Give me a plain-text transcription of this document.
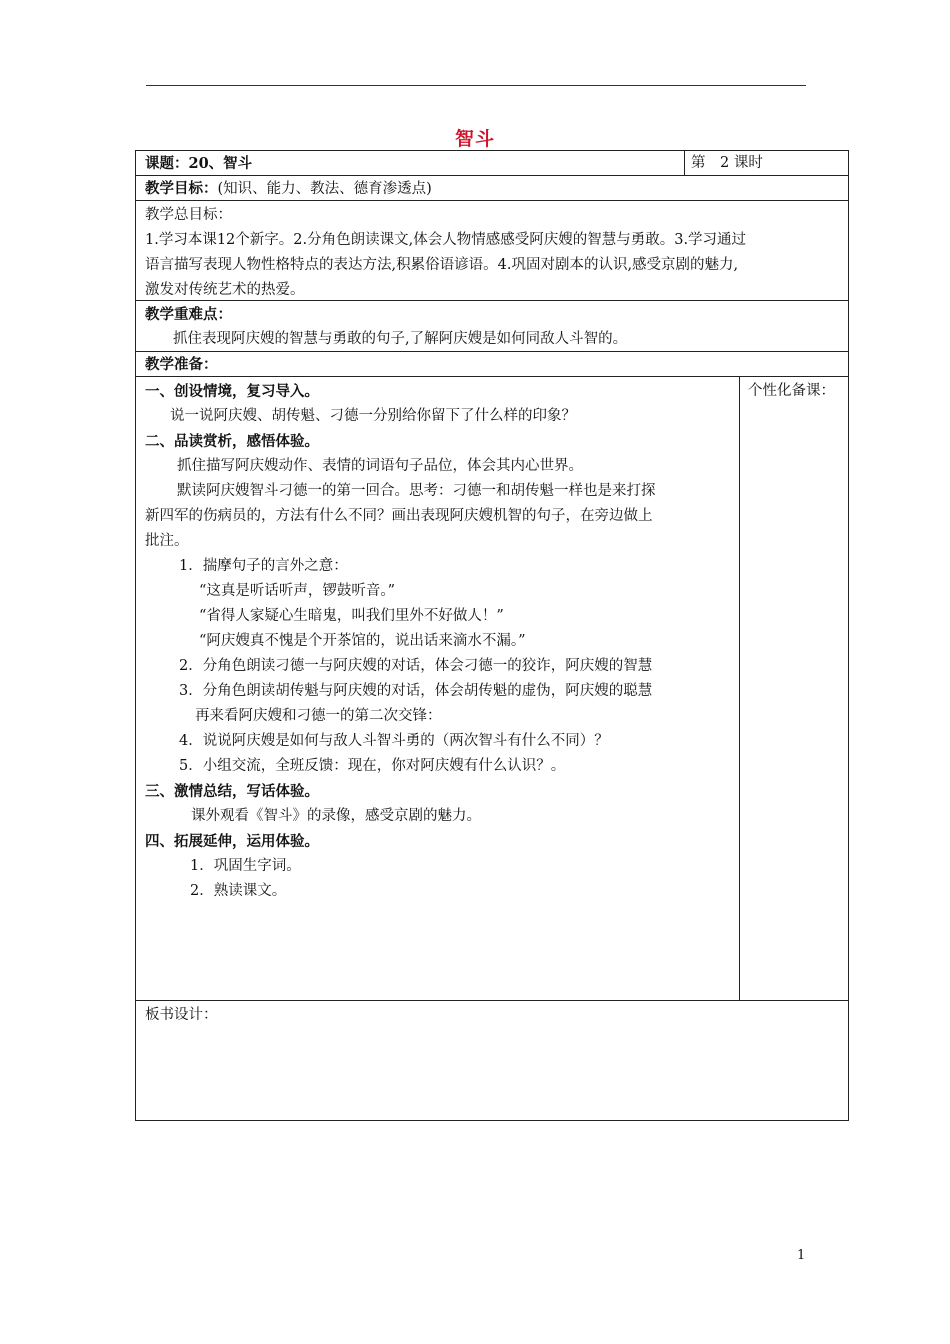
智斗
课题：20、智斗	第　2 课时
教学目标：(知识、能力、教法、德育渗透点)

教学总目标：

1.学习本课12个新字。2.分角色朗读课文,体会人物情感感受阿庆嫂的智慧与勇敢。3.学习通过

语言描写表现人物性格特点的表达方法,积累俗语谚语。4.巩固对剧本的认识,感受京剧的魅力,

激发对传统艺术的热爱。

教学重难点：

抓住表现阿庆嫂的智慧与勇敢的句子,了解阿庆嫂是如何同敌人斗智的。

教学准备：

一、创设情境，复习导入。

说一说阿庆嫂、胡传魁、刁德一分别给你留下了什么样的印象？

二、品读赏析，感悟体验。

抓住描写阿庆嫂动作、表情的词语句子品位，体会其内心世界。

默读阿庆嫂智斗刁德一的第一回合。思考：刁德一和胡传魁一样也是来打探

新四军的伤病员的，方法有什么不同？画出表现阿庆嫂机智的句子，在旁边做上

批注。

1．揣摩句子的言外之意：

“这真是听话听声，锣鼓听音。”

“省得人家疑心生暗鬼，叫我们里外不好做人！”

“阿庆嫂真不愧是个开茶馆的，说出话来滴水不漏。”

2．分角色朗读刁德一与阿庆嫂的对话，体会刁德一的狡诈，阿庆嫂的智慧

3．分角色朗读胡传魁与阿庆嫂的对话，体会胡传魁的虚伪，阿庆嫂的聪慧

再来看阿庆嫂和刁德一的第二次交锋：

4．说说阿庆嫂是如何与敌人斗智斗勇的（两次智斗有什么不同）？

5．小组交流，全班反馈：现在，你对阿庆嫂有什么认识？。

三、激情总结，写话体验。

课外观看《智斗》的录像，感受京剧的魅力。

四、拓展延伸，运用体验。

1．巩固生字词。

2．熟读课文。

个性化备课：
板书设计：
1
